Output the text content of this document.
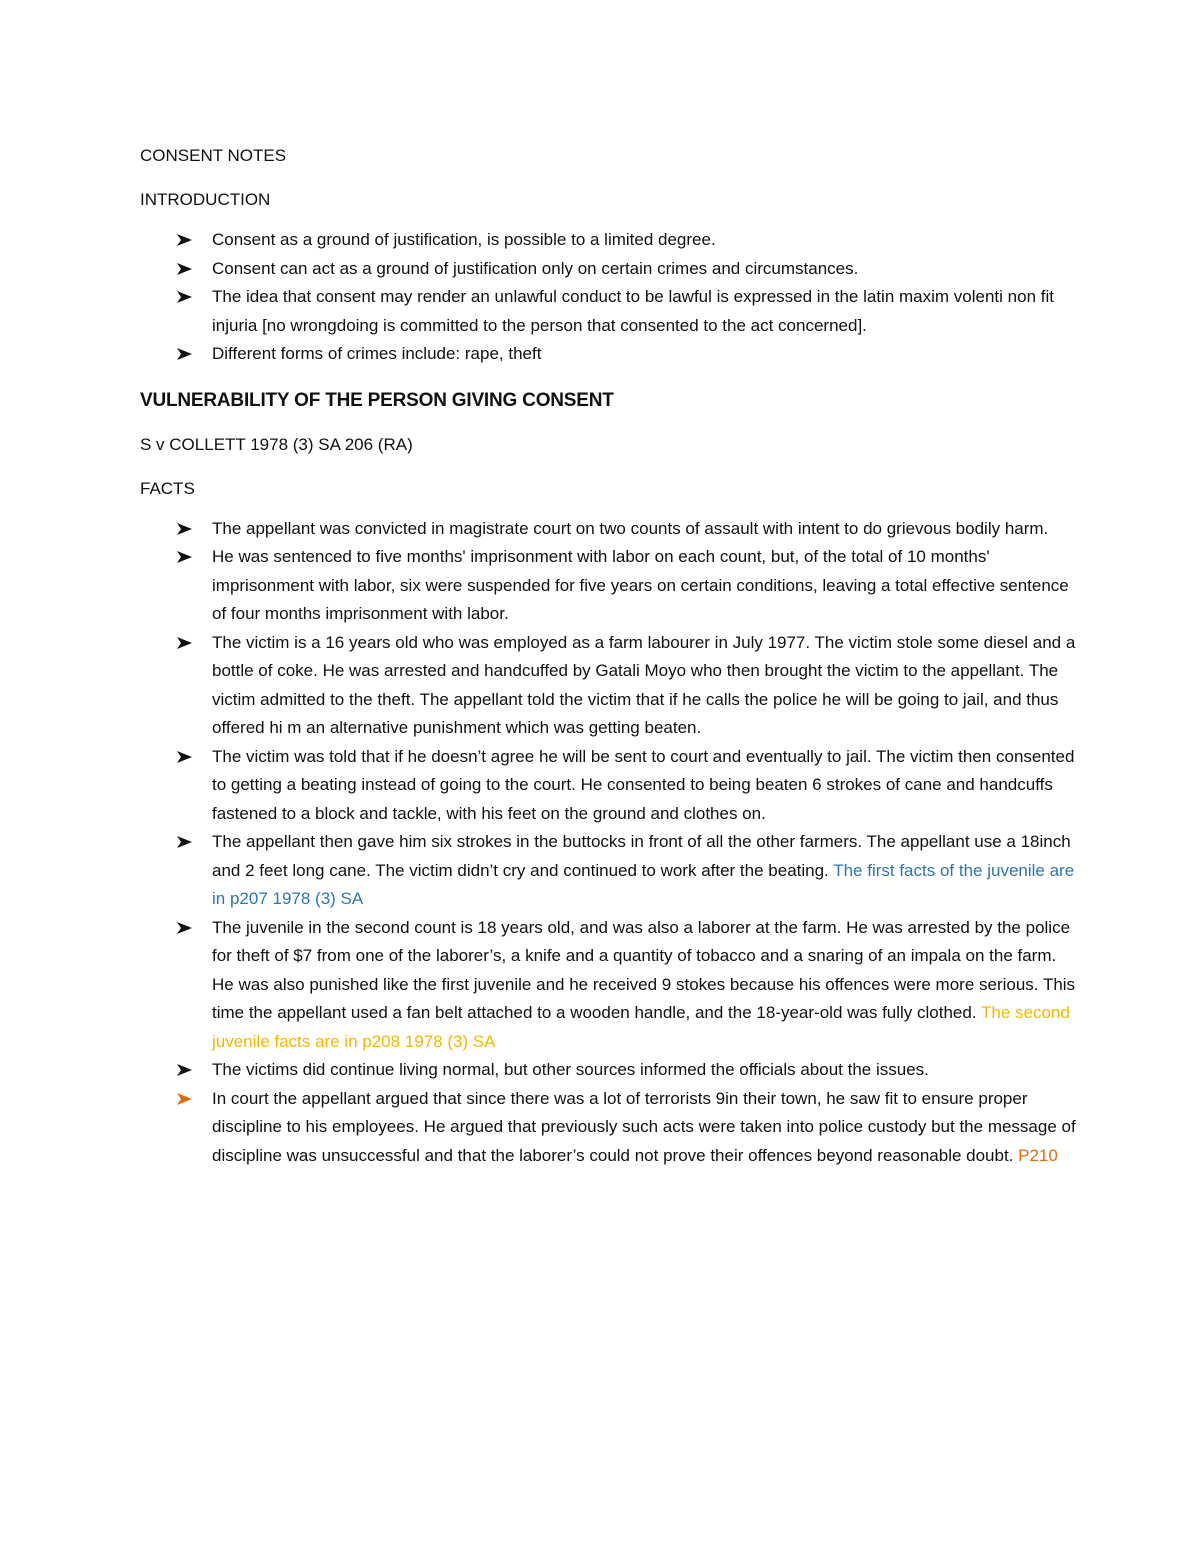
CONSENT NOTES

INTRODUCTION

Consent as a ground of justification, is possible to a limited degree.
Consent can act as a ground of justification only on certain crimes and circumstances.
The idea that consent may render an unlawful conduct to be lawful is expressed in the latin maxim volenti non fit injuria [no wrongdoing is committed to the person that consented to the act concerned].
Different forms of crimes include: rape, theft
VULNERABILITY OF THE PERSON GIVING CONSENT

S v COLLETT 1978 (3) SA 206 (RA)

FACTS

The appellant was convicted in magistrate court on two counts of assault with intent to do grievous bodily harm.
He was sentenced to five months' imprisonment with labor on each count, but, of the total of 10 months' imprisonment with labor, six were suspended for five years on certain conditions, leaving a total effective sentence of four months imprisonment with labor.
The victim is a 16 years old who was employed as a farm labourer in July 1977. The victim stole some diesel and a bottle of coke. He was arrested and handcuffed by Gatali Moyo who then brought the victim to the appellant. The victim admitted to the theft. The appellant told the victim that if he calls the police he will be going to jail, and thus offered hi m an alternative punishment which was getting beaten.
The victim was told that if he doesn’t agree he will be sent to court and eventually to jail. The victim then consented to getting a beating instead of going to the court. He consented to being beaten 6 strokes of cane and handcuffs fastened to a block and tackle, with his feet on the ground and clothes on.
The appellant then gave him six strokes in the buttocks in front of all the other farmers. The appellant use a 18inch and 2 feet long cane. The victim didn’t cry and continued to work after the beating. The first facts of the juvenile are in p207 1978 (3) SA
The juvenile in the second count is 18 years old, and was also a laborer at the farm. He was arrested by the police for theft of $7 from one of the laborer’s, a knife and a quantity of tobacco and a snaring of an impala on the farm. He was also punished like the first juvenile and he received 9 stokes because his offences were more serious. This time the appellant used a fan belt attached to a wooden handle, and the 18-year-old was fully clothed. The second juvenile facts are in p208 1978 (3) SA
The victims did continue living normal, but other sources informed the officials about the issues.
In court the appellant argued that since there was a lot of terrorists 9in their town, he saw fit to ensure proper discipline to his employees. He argued that previously such acts were taken into police custody but the message of discipline was unsuccessful and that the laborer’s could not prove their offences beyond reasonable doubt. P210
